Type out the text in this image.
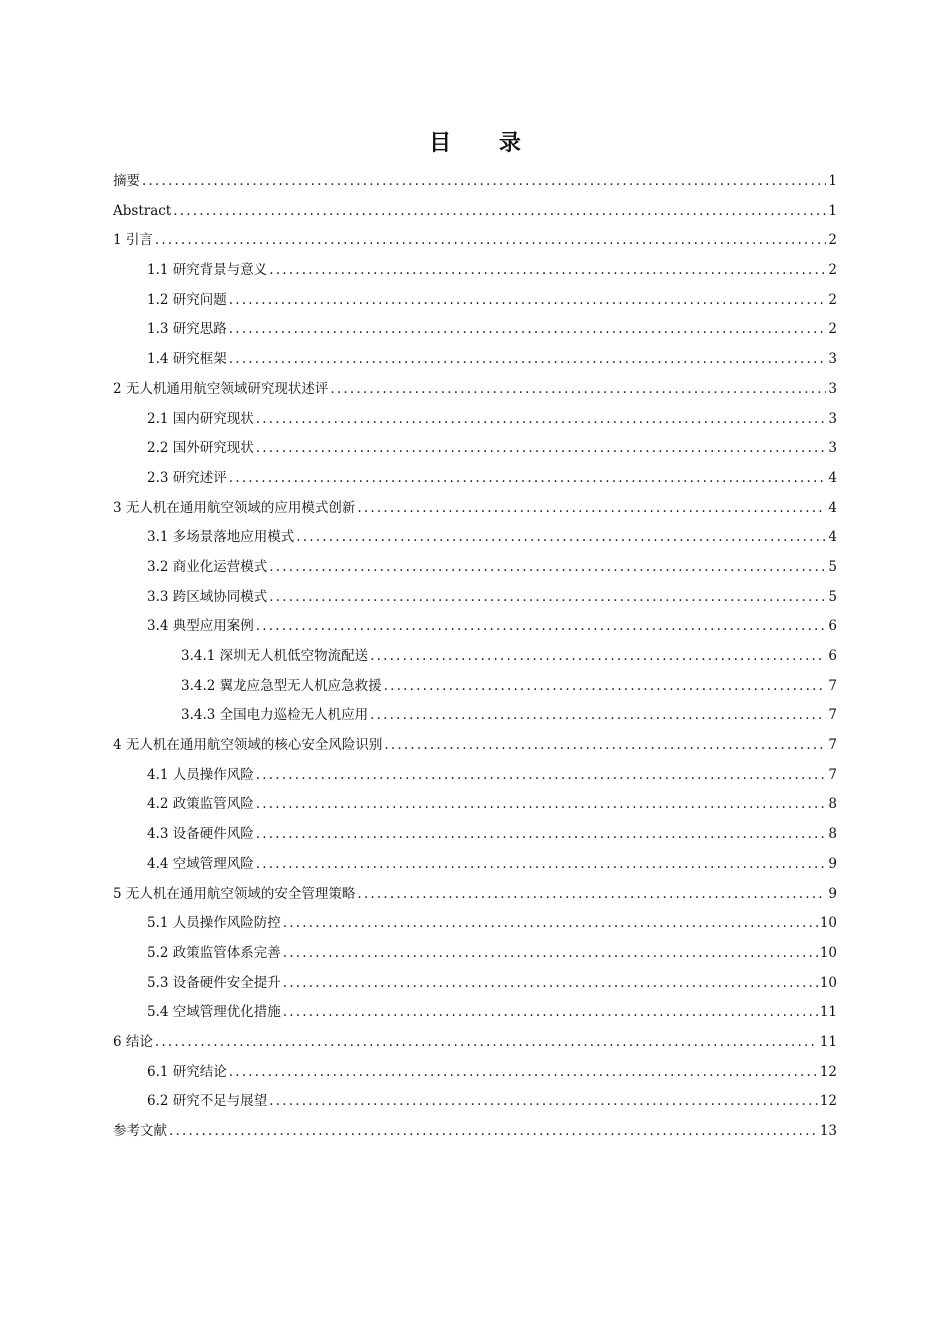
目 录
摘要 .....	1
Abstract .....	1
1 引言 .....	2
1.1 研究背景与意义 .....	2
1.2 研究问题 .....	2
1.3 研究思路 .....	2
1.4 研究框架 .....	3
2 无人机通用航空领域研究现状述评 .....	3
2.1 国内研究现状 .....	3
2.2 国外研究现状 .....	3
2.3 研究述评 .....	4
3 无人机在通用航空领域的应用模式创新 .....	4
3.1 多场景落地应用模式 .....	4
3.2 商业化运营模式 .....	5
3.3 跨区域协同模式 .....	5
3.4 典型应用案例 .....	6
3.4.1 深圳无人机低空物流配送 .....	6
3.4.2 翼龙应急型无人机应急救援 .....	7
3.4.3 全国电力巡检无人机应用 .....	7
4 无人机在通用航空领域的核心安全风险识别 .....	7
4.1 人员操作风险 .....	7
4.2 政策监管风险 .....	8
4.3 设备硬件风险 .....	8
4.4 空域管理风险 .....	9
5 无人机在通用航空领域的安全管理策略 .....	9
5.1 人员操作风险防控 .....	10
5.2 政策监管体系完善 .....	10
5.3 设备硬件安全提升 .....	10
5.4 空域管理优化措施 .....	11
6 结论 .....	11
6.1 研究结论 .....	12
6.2 研究不足与展望 .....	12
参考文献 .....	13
